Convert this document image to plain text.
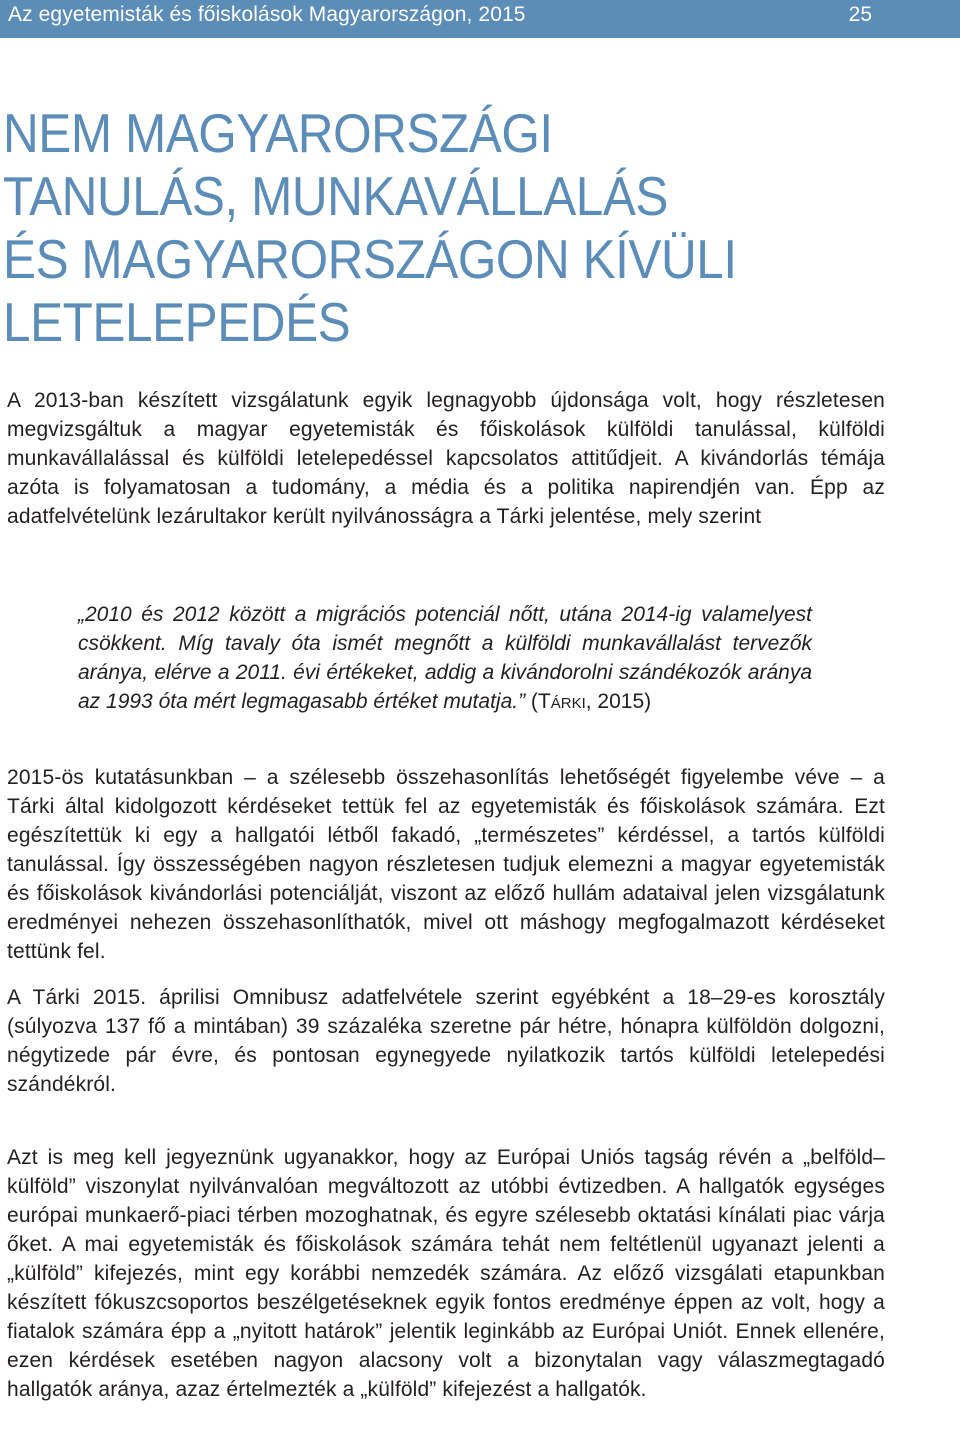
Az egyetemisták és főiskolások Magyarországon, 2015	25
NEM MAGYARORSZÁGI
TANULÁS, MUNKAVÁLLALÁS
ÉS MAGYARORSZÁGON KÍVÜLI
LETELEPEDÉS

A 2013-ban készített vizsgálatunk egyik legnagyobb újdonsága volt, hogy részletesen megvizsgáltuk a magyar egyetemisták és főiskolások külföldi tanulással, külföldi munkavállalással és külföldi letelepedéssel kapcsolatos attitűdjeit. A kivándorlás témája azóta is folyamatosan a tudomány, a média és a politika napirendjén van. Épp az adatfelvételünk lezárultakor került nyilvánosságra a Tárki jelentése, mely szerint

„2010 és 2012 között a migrációs potenciál nőtt, utána 2014-ig valamelyest csökkent. Míg tavaly óta ismét megnőtt a külföldi munkavállalást tervezők aránya, elérve a 2011. évi értékeket, addig a kivándorolni szándékozók aránya az 1993 óta mért legmagasabb értéket mutatja.” (Tárki, 2015)

2015-ös kutatásunkban – a szélesebb összehasonlítás lehetőségét figyelembe véve – a Tárki által kidolgozott kérdéseket tettük fel az egyetemisták és főiskolások számára. Ezt egészítettük ki egy a hallgatói létből fakadó, „természetes” kérdéssel, a tartós külföldi tanulással. Így összességében nagyon részletesen tudjuk elemezni a magyar egyetemisták és főiskolások kivándorlási potenciálját, viszont az előző hullám adataival jelen vizsgálatunk eredményei nehezen összehasonlíthatók, mivel ott máshogy megfogalmazott kérdéseket tettünk fel.

A Tárki 2015. áprilisi Omnibusz adatfelvétele szerint egyébként a 18–29-es korosztály (súlyozva 137 fő a mintában) 39 százaléka szeretne pár hétre, hónapra külföldön dolgozni, négytizede pár évre, és pontosan egynegyede nyilatkozik tartós külföldi letelepedési szándékról.

Azt is meg kell jegyeznünk ugyanakkor, hogy az Európai Uniós tagság révén a „belföld–külföld” viszonylat nyilvánvalóan megváltozott az utóbbi évtizedben. A hallgatók egységes európai munkaerő-piaci térben mozoghatnak, és egyre szélesebb oktatási kínálati piac várja őket. A mai egyetemisták és főiskolások számára tehát nem feltétlenül ugyanazt jelenti a „külföld” kifejezés, mint egy korábbi nemzedék számára. Az előző vizsgálati etapunkban készített fókuszcsoportos beszélgetéseknek egyik fontos eredménye éppen az volt, hogy a fiatalok számára épp a „nyitott határok” jelentik leginkább az Európai Uniót. Ennek ellenére, ezen kérdések esetében nagyon alacsony volt a bizonytalan vagy válaszmegtagadó hallgatók aránya, azaz értelmezték a „külföld” kifejezést a hallgatók.
